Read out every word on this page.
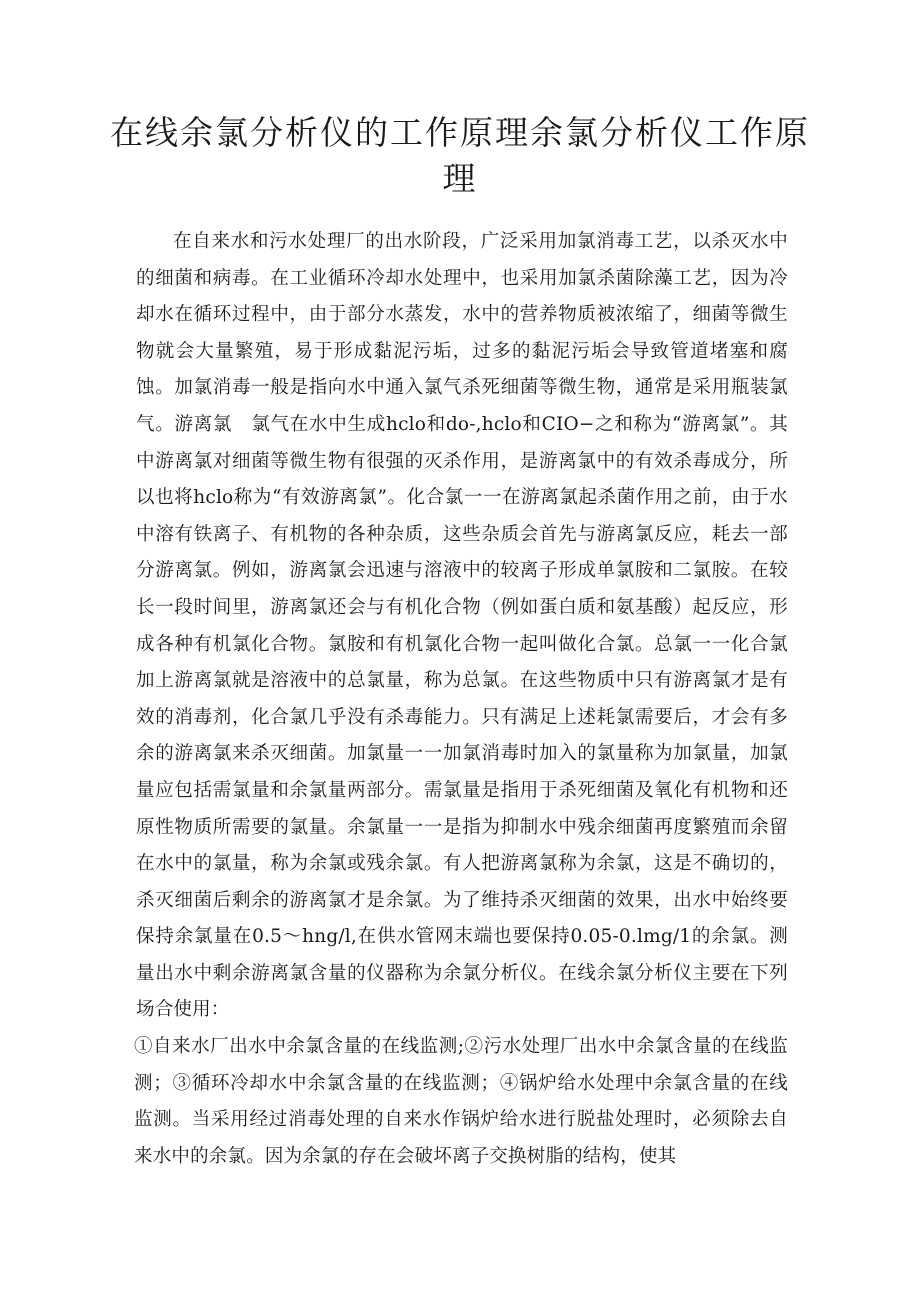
在线余氯分析仪的工作原理余氯分析仪工作原理

在自来水和污水处理厂的出水阶段，广泛采用加氯消毒工艺，以杀灭水中的细菌和病毒。在工业循环冷却水处理中，也采用加氯杀菌除藻工艺，因为冷却水在循环过程中，由于部分水蒸发，水中的营养物质被浓缩了，细菌等微生物就会大量繁殖，易于形成黏泥污垢，过多的黏泥污垢会导致管道堵塞和腐蚀。加氯消毒一般是指向水中通入氯气杀死细菌等微生物，通常是采用瓶装氯气。游离氯　氯气在水中生成hclo和do-,hclo和CIO−之和称为“游离氯”。其中游离氯对细菌等微生物有很强的灭杀作用，是游离氯中的有效杀毒成分，所以也将hclo称为“有效游离氯”。化合氯一一在游离氯起杀菌作用之前，由于水中溶有铁离子、有机物的各种杂质，这些杂质会首先与游离氯反应，耗去一部分游离氯。例如，游离氯会迅速与溶液中的较离子形成单氯胺和二氯胺。在较长一段时间里，游离氯还会与有机化合物（例如蛋白质和氨基酸）起反应，形成各种有机氯化合物。氯胺和有机氯化合物一起叫做化合氯。总氯一一化合氯加上游离氯就是溶液中的总氯量，称为总氯。在这些物质中只有游离氯才是有效的消毒剂，化合氯几乎没有杀毒能力。只有满足上述耗氯需要后，才会有多余的游离氯来杀灭细菌。加氯量一一加氯消毒时加入的氯量称为加氯量，加氯量应包括需氯量和余氯量两部分。需氯量是指用于杀死细菌及氧化有机物和还原性物质所需要的氯量。余氯量一一是指为抑制水中残余细菌再度繁殖而余留在水中的氯量，称为余氯或残余氯。有人把游离氯称为余氯，这是不确切的，杀灭细菌后剩余的游离氯才是余氯。为了维持杀灭细菌的效果，出水中始终要保持余氯量在0.5～hng/l,在供水管网末端也要保持0.05-0.lmg/1的余氯。测量出水中剩余游离氯含量的仪器称为余氯分析仪。在线余氯分析仪主要在下列场合使用：

①自来水厂出水中余氯含量的在线监测;②污水处理厂出水中余氯含量的在线监测；③循环冷却水中余氯含量的在线监测；④锅炉给水处理中余氯含量的在线监测。当采用经过消毒处理的自来水作锅炉给水进行脱盐处理时，必须除去自来水中的余氯。因为余氯的存在会破坏离子交换树脂的结构，使其
